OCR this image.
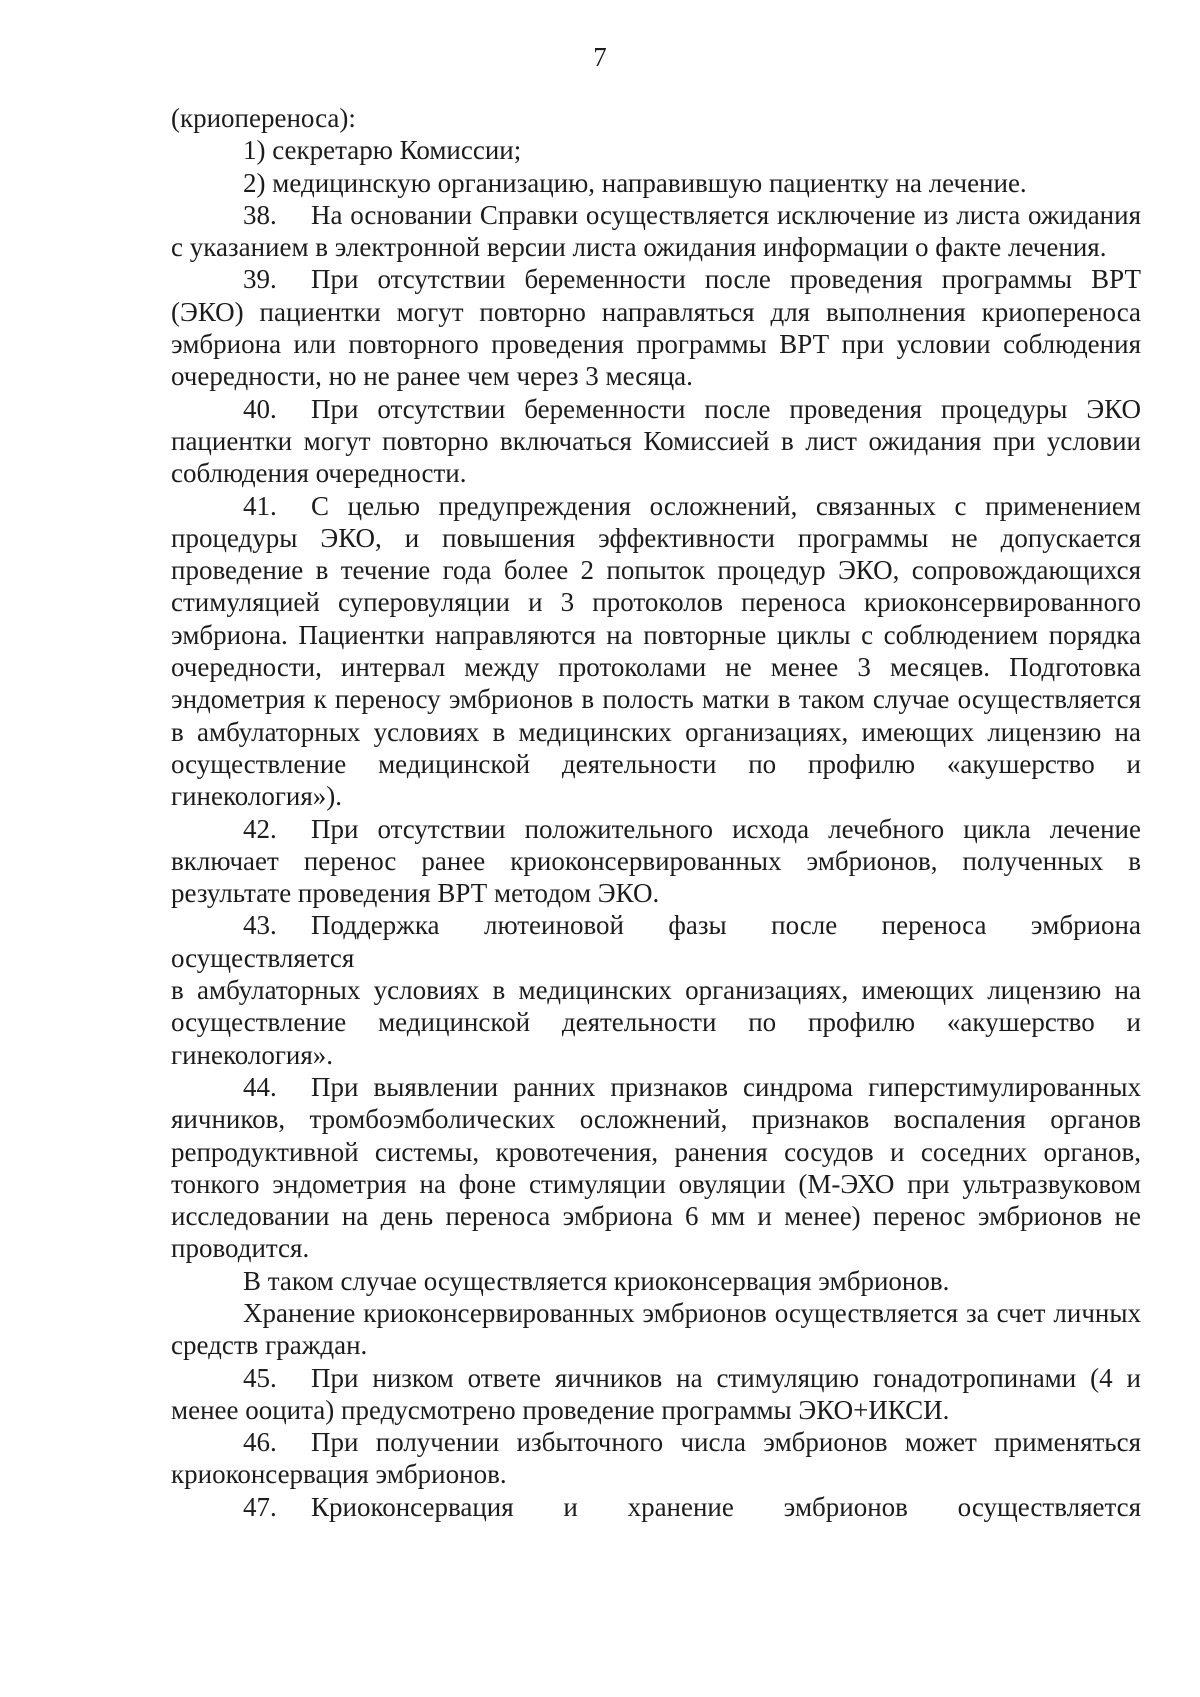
7

(криопереноса):

1) секретарю Комиссии;

2) медицинскую организацию, направившую пациентку на лечение.

38. На основании Справки осуществляется исключение из листа ожидания с указанием в электронной версии листа ожидания информации о факте лечения.

39. При отсутствии беременности после проведения программы ВРТ (ЭКО) пациентки могут повторно направляться для выполнения криопереноса эмбриона или повторного проведения программы ВРТ при условии соблюдения очередности, но не ранее чем через 3 месяца.

40. При отсутствии беременности после проведения процедуры ЭКО пациентки могут повторно включаться Комиссией в лист ожидания при условии соблюдения очередности.

41. С целью предупреждения осложнений, связанных с применением процедуры ЭКО, и повышения эффективности программы не допускается проведение в течение года более 2 попыток процедур ЭКО, сопровождающихся стимуляцией суперовуляции и 3 протоколов переноса криоконсервированного эмбриона. Пациентки направляются на повторные циклы с соблюдением порядка очередности, интервал между протоколами не менее 3 месяцев. Подготовка эндометрия к переносу эмбрионов в полость матки в таком случае осуществляется в амбулаторных условиях в медицинских организациях, имеющих лицензию на осуществление медицинской деятельности по профилю «акушерство и гинекология»).

42. При отсутствии положительного исхода лечебного цикла лечение включает перенос ранее криоконсервированных эмбрионов, полученных в результате проведения ВРТ методом ЭКО.

43. Поддержка лютеиновой фазы после переноса эмбриона осуществляется

в амбулаторных условиях в медицинских организациях, имеющих лицензию на осуществление медицинской деятельности по профилю «акушерство и гинекология».

44. При выявлении ранних признаков синдрома гиперстимулированных яичников, тромбоэмболических осложнений, признаков воспаления органов репродуктивной системы, кровотечения, ранения сосудов и соседних органов, тонкого эндометрия на фоне стимуляции овуляции (М-ЭХО при ультразвуковом исследовании на день переноса эмбриона 6 мм и менее) перенос эмбрионов не проводится.

В таком случае осуществляется криоконсервация эмбрионов.

Хранение криоконсервированных эмбрионов осуществляется за счет личных средств граждан.

45. При низком ответе яичников на стимуляцию гонадотропинами (4 и менее ооцита) предусмотрено проведение программы ЭКО+ИКСИ.

46. При получении избыточного числа эмбрионов может применяться криоконсервация эмбрионов.

47. Криоконсервация и хранение эмбрионов осуществляется
